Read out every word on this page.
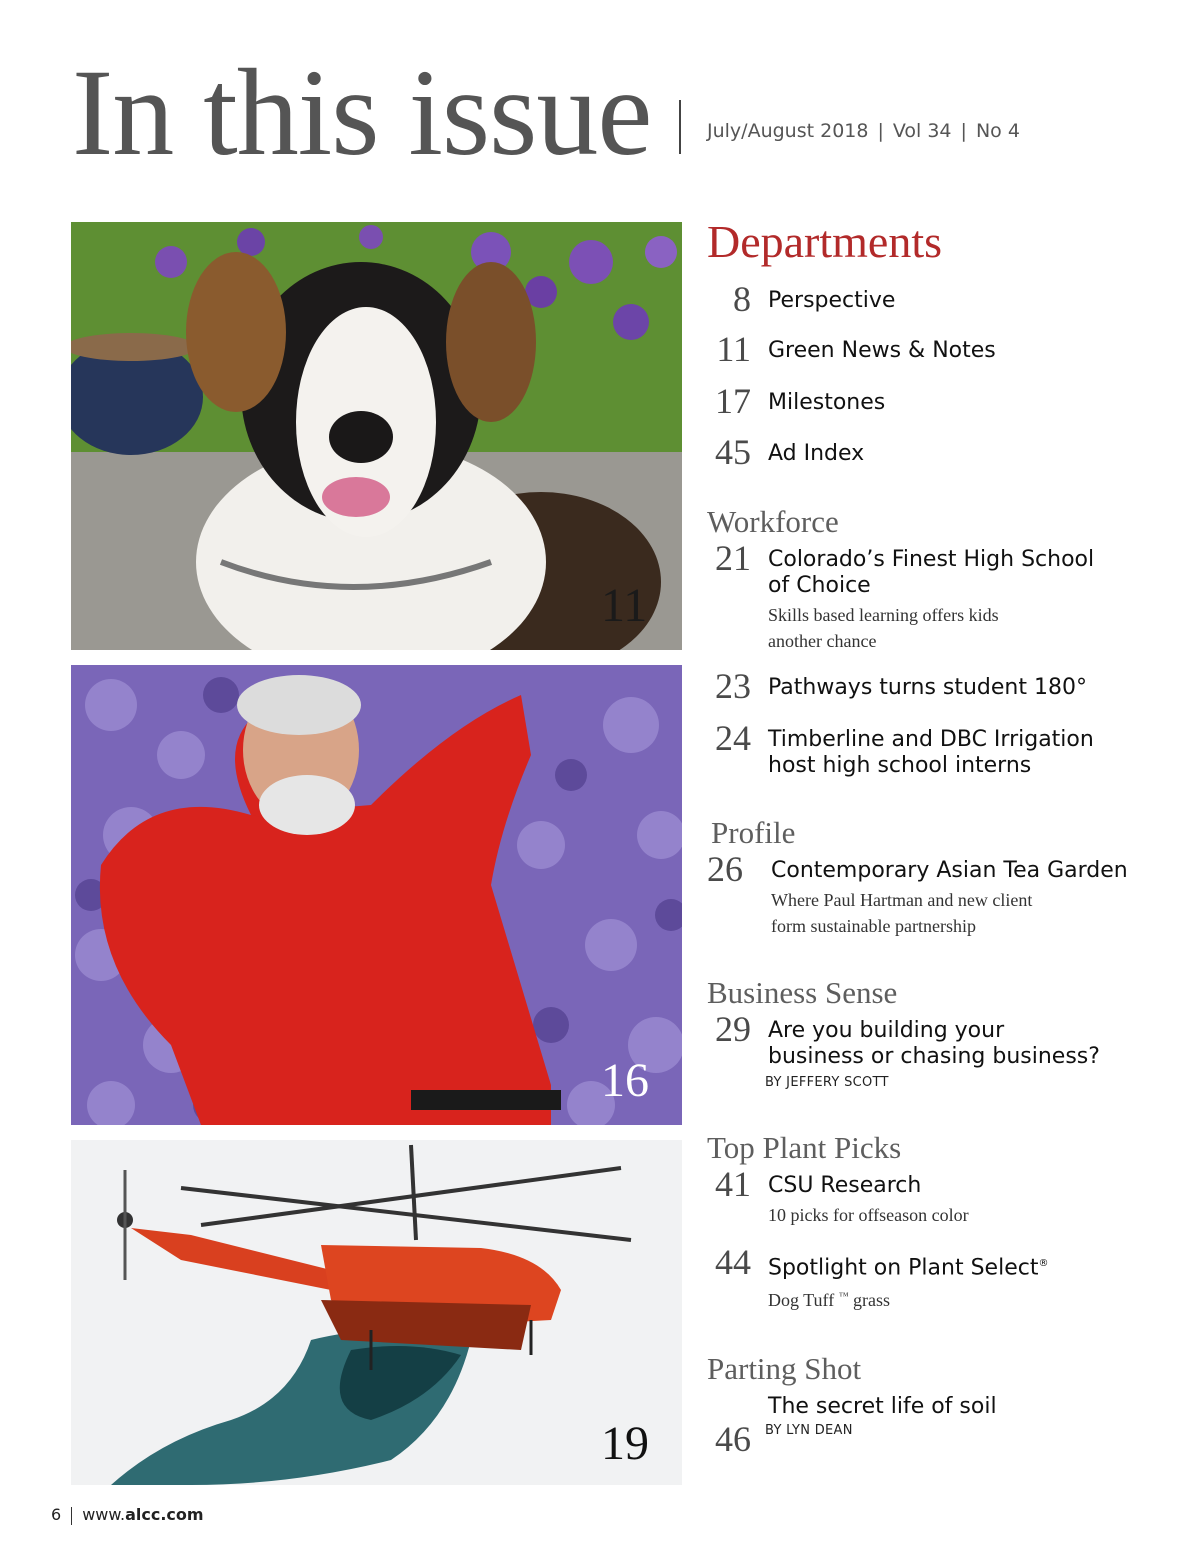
In this issue	July/August 2018 | Vol 34 | No 4
11
16
19
Departments
8 Perspective
11 Green News & Notes
17 Milestones
45 Ad Index
Workforce
21 Colorado’s Finest High School
of Choice
Skills based learning offers kids
another chance
23 Pathways turns student 180°
24 Timberline and DBC Irrigation
host high school interns
Profile
26	Contemporary Asian Tea Garden
Where Paul Hartman and new client
form sustainable partnership
Business Sense
29 Are you building your
business or chasing business?
BY JEFFERY SCOTT
Top Plant Picks
41 CSU Research
10 picks for offseason color
44 Spotlight on Plant Select®
Dog Tuff ™ grass
Parting Shot
46
The secret life of soil
BY LYN DEAN
6 www.alcc.com
